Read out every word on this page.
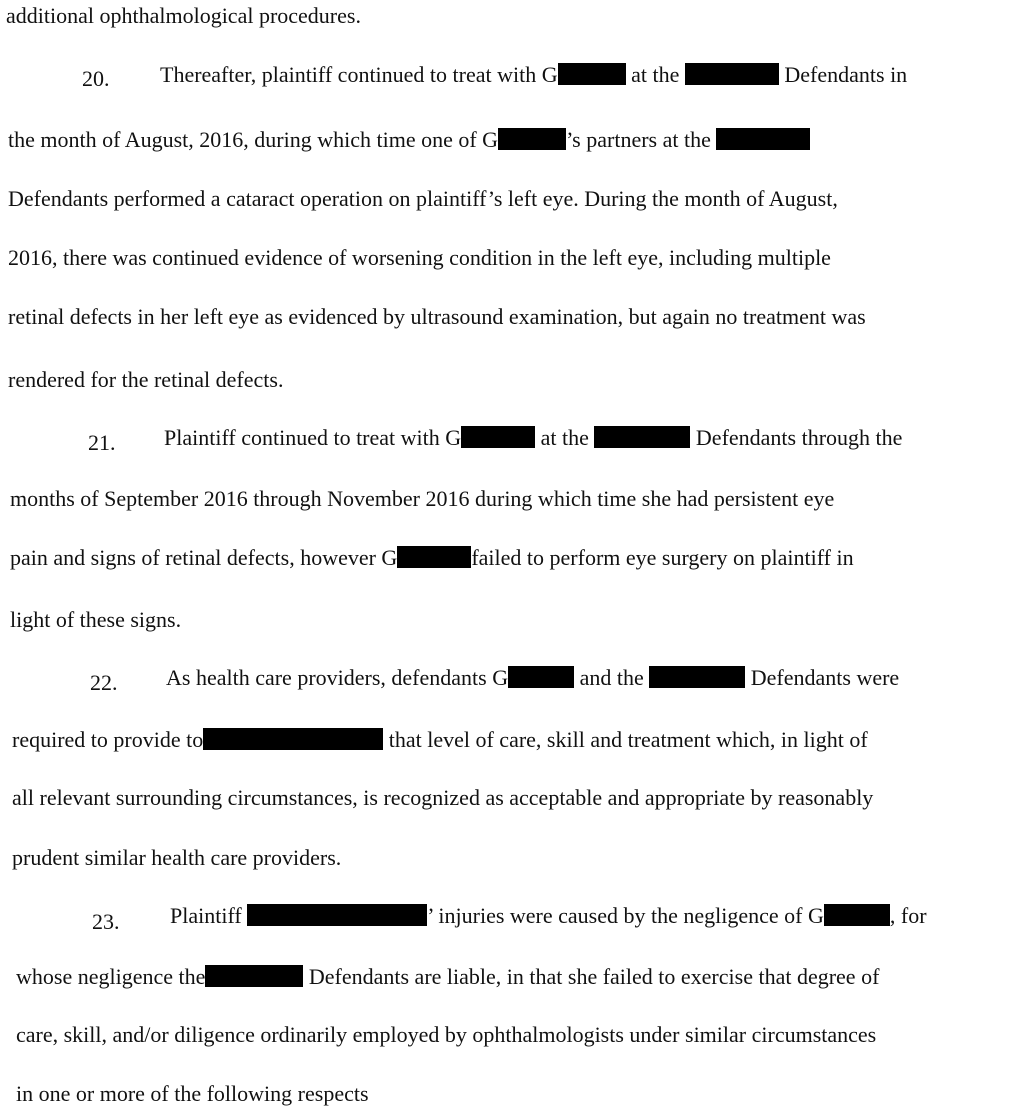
additional ophthalmological procedures.
20. Thereafter, plaintiff continued to treat with G	at the	Defendants in
the month of August, 2016, during which time one of G	’s partners at the
Defendants performed a cataract operation on plaintiff’s left eye. During the month of August,
2016, there was continued evidence of worsening condition in the left eye, including multiple
retinal defects in her left eye as evidenced by ultrasound examination, but again no treatment was
rendered for the retinal defects.
21. Plaintiff continued to treat with G	at the	Defendants through the
months of September 2016 through November 2016 during which time she had persistent eye
pain and signs of retinal defects, however G	failed to perform eye surgery on plaintiff in
light of these signs.
22. As health care providers, defendants G	and the	Defendants were
required to provide to	that level of care, skill and treatment which, in light of
all relevant surrounding circumstances, is recognized as acceptable and appropriate by reasonably
prudent similar health care providers.
23. Plaintiff	’ injuries were caused by the negligence of G	, for
whose negligence the	Defendants are liable, in that she failed to exercise that degree of
care, skill, and/or diligence ordinarily employed by ophthalmologists under similar circumstances
in one or more of the following respects
